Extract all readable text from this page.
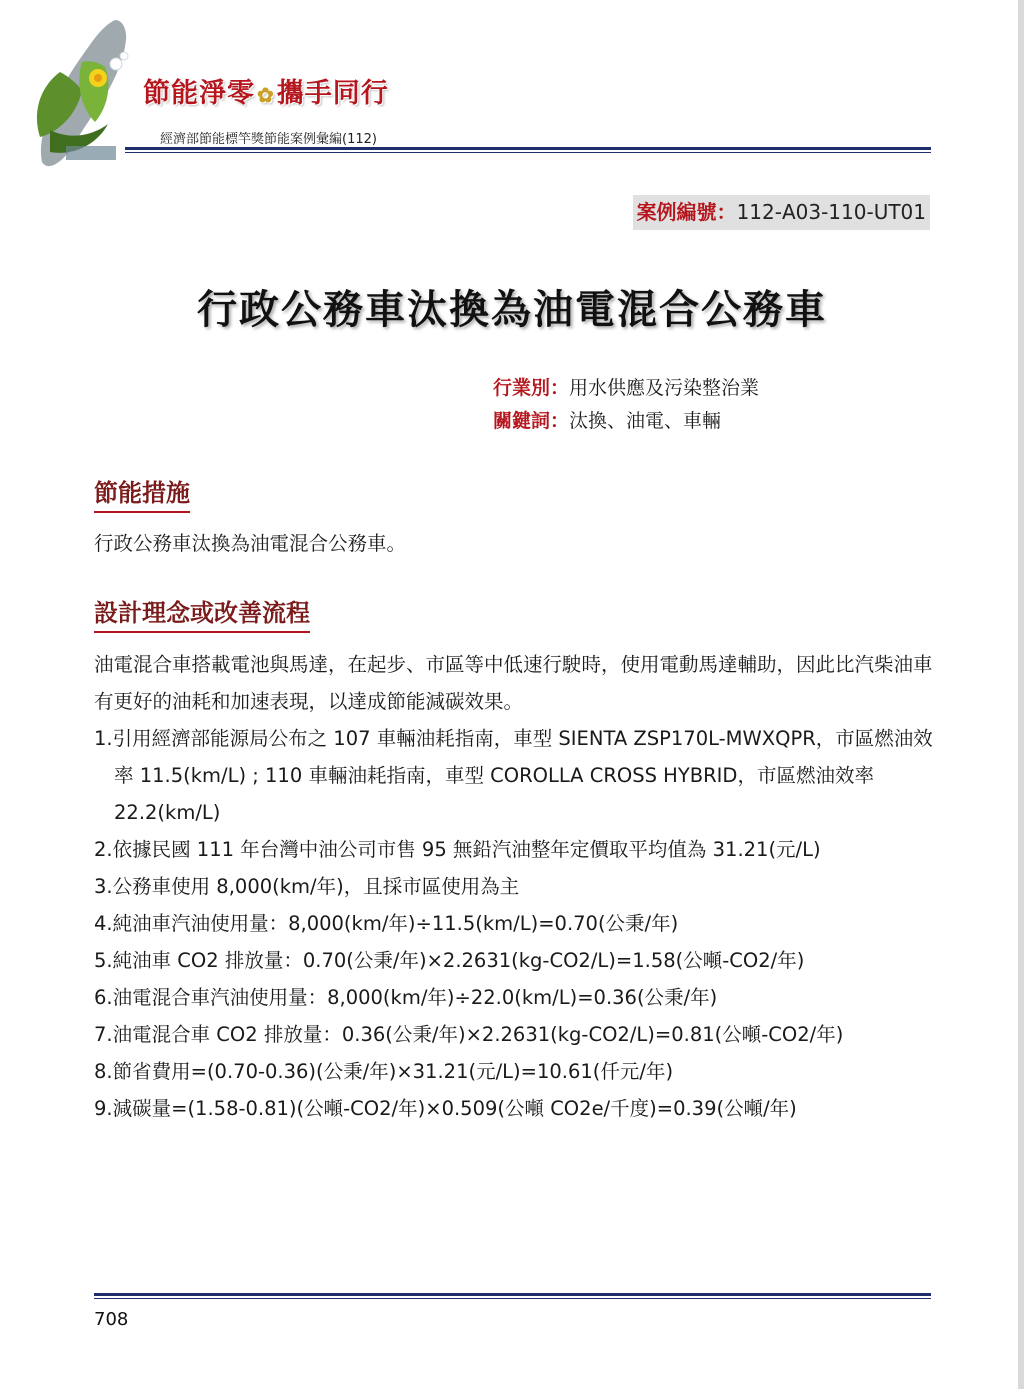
節能淨零 ✿攜手同行
經濟部節能標竿獎節能案例彙編(112)
案例編號：112-A03-110-UT01
行政公務車汰換為油電混合公務車
行業別：用水供應及污染整治業
關鍵詞：汰換、油電、車輛
節能措施
行政公務車汰換為油電混合公務車。
設計理念或改善流程
油電混合車搭載電池與馬達，在起步、市區等中低速行駛時，使用電動馬達輔助，因此比汽柴油車有更好的油耗和加速表現，以達成節能減碳效果。
1.引用經濟部能源局公布之 107 車輛油耗指南，車型 SIENTA ZSP170L-MWXQPR，市區燃油效率 11.5(km/L) ; 110 車輛油耗指南，車型 COROLLA CROSS HYBRID，市區燃油效率 22.2(km/L)
2.依據民國 111 年台灣中油公司市售 95 無鉛汽油整年定價取平均值為 31.21(元/L)
3.公務車使用 8,000(km/年)，且採市區使用為主
4.純油車汽油使用量：8,000(km/年)÷11.5(km/L)=0.70(公秉/年)
5.純油車 CO2 排放量：0.70(公秉/年)×2.2631(kg-CO2/L)=1.58(公噸-CO2/年)
6.油電混合車汽油使用量：8,000(km/年)÷22.0(km/L)=0.36(公秉/年)
7.油電混合車 CO2 排放量：0.36(公秉/年)×2.2631(kg-CO2/L)=0.81(公噸-CO2/年)
8.節省費用=(0.70-0.36)(公秉/年)×31.21(元/L)=10.61(仟元/年)
9.減碳量=(1.58-0.81)(公噸-CO2/年)×0.509(公噸 CO2e/千度)=0.39(公噸/年)
708
